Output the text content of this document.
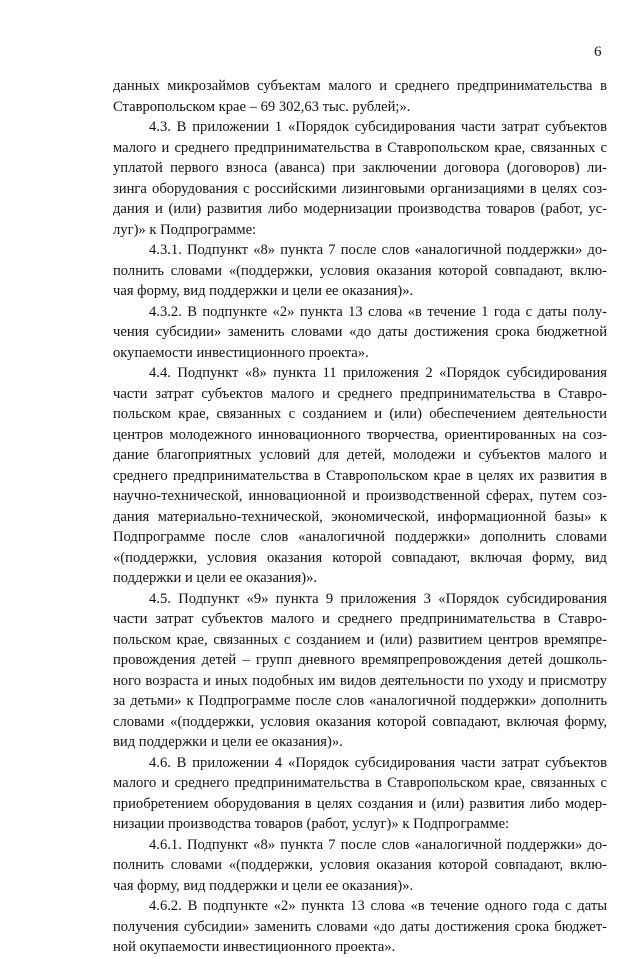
6
данных микрозаймов субъектам малого и среднего предпринимательства в
Ставропольском крае – 69 302,63 тыс. рублей;».
4.3. В приложении 1 «Порядок субсидирования части затрат субъектов
малого и среднего предпринимательства в Ставропольском крае, связанных с
уплатой первого взноса (аванса) при заключении договора (договоров) ли-
зинга оборудования с российскими лизинговыми организациями в целях соз-
дания и (или) развития либо модернизации производства товаров (работ, ус-
луг)» к Подпрограмме:
4.3.1. Подпункт «8» пункта 7 после слов «аналогичной поддержки» до-
полнить словами «(поддержки, условия оказания которой совпадают, вклю-
чая форму, вид поддержки и цели ее оказания)».
4.3.2. В подпункте «2» пункта 13 слова «в течение 1 года с даты полу-
чения субсидии» заменить словами «до даты достижения срока бюджетной
окупаемости инвестиционного проекта».
4.4. Подпункт «8» пункта 11 приложения 2 «Порядок субсидирования
части затрат субъектов малого и среднего предпринимательства в Ставро-
польском крае, связанных с созданием и (или) обеспечением деятельности
центров молодежного инновационного творчества, ориентированных на соз-
дание благоприятных условий для детей, молодежи и субъектов малого и
среднего предпринимательства в Ставропольском крае в целях их развития в
научно-технической, инновационной и производственной сферах, путем соз-
дания материально-технической, экономической, информационной базы» к
Подпрограмме после слов «аналогичной поддержки» дополнить словами
«(поддержки, условия оказания которой совпадают, включая форму, вид
поддержки и цели ее оказания)».
4.5. Подпункт «9» пункта 9 приложения 3 «Порядок субсидирования
части затрат субъектов малого и среднего предпринимательства в Ставро-
польском крае, связанных с созданием и (или) развитием центров времяпре-
провождения детей – групп дневного времяпрепровождения детей дошколь-
ного возраста и иных подобных им видов деятельности по уходу и присмотру
за детьми» к Подпрограмме после слов «аналогичной поддержки» дополнить
словами «(поддержки, условия оказания которой совпадают, включая форму,
вид поддержки и цели ее оказания)».
4.6. В приложении 4 «Порядок субсидирования части затрат субъектов
малого и среднего предпринимательства в Ставропольском крае, связанных с
приобретением оборудования в целях создания и (или) развития либо модер-
низации производства товаров (работ, услуг)» к Подпрограмме:
4.6.1. Подпункт «8» пункта 7 после слов «аналогичной поддержки» до-
полнить словами «(поддержки, условия оказания которой совпадают, вклю-
чая форму, вид поддержки и цели ее оказания)».
4.6.2. В подпункте «2» пункта 13 слова «в течение одного года с даты
получения субсидии» заменить словами «до даты достижения срока бюджет-
ной окупаемости инвестиционного проекта».
